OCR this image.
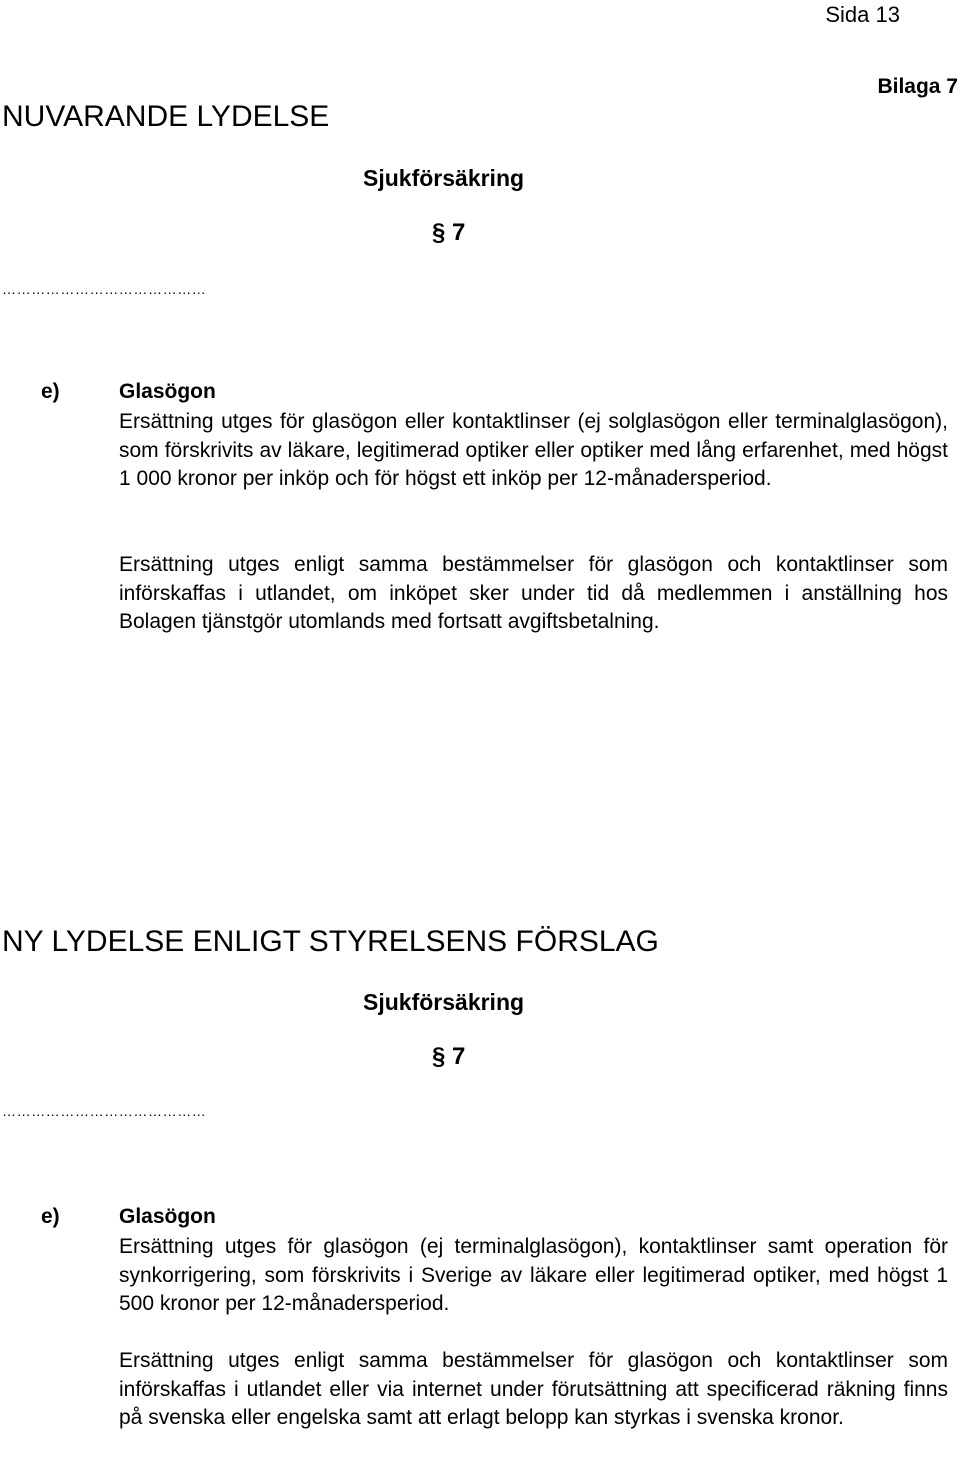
Sida 13
Bilaga 7
NUVARANDE LYDELSE
Sjukförsäkring
§ 7
……………………………………
e)	Glasögon

Ersättning utges för glasögon eller kontaktlinser (ej solglasögon eller terminalglasögon), som förskrivits av läkare, legitimerad optiker eller optiker med lång erfarenhet, med högst 1 000 kronor per inköp och för högst ett inköp per 12-månadersperiod.

Ersättning utges enligt samma bestämmelser för glasögon och kontaktlinser som införskaffas i utlandet, om inköpet sker under tid då medlemmen i anställning hos Bolagen tjänstgör utomlands med fortsatt avgiftsbetalning.

NY LYDELSE ENLIGT STYRELSENS FÖRSLAG
Sjukförsäkring
§ 7
……………………………………
e)	Glasögon

Ersättning utges för glasögon (ej terminalglasögon), kontaktlinser samt operation för synkorrigering, som förskrivits i Sverige av läkare eller legitimerad optiker, med högst 1 500 kronor per 12-månadersperiod.

Ersättning utges enligt samma bestämmelser för glasögon och kontaktlinser som införskaffas i utlandet eller via internet under förutsättning att specificerad räkning finns på svenska eller engelska samt att erlagt belopp kan styrkas i svenska kronor.
